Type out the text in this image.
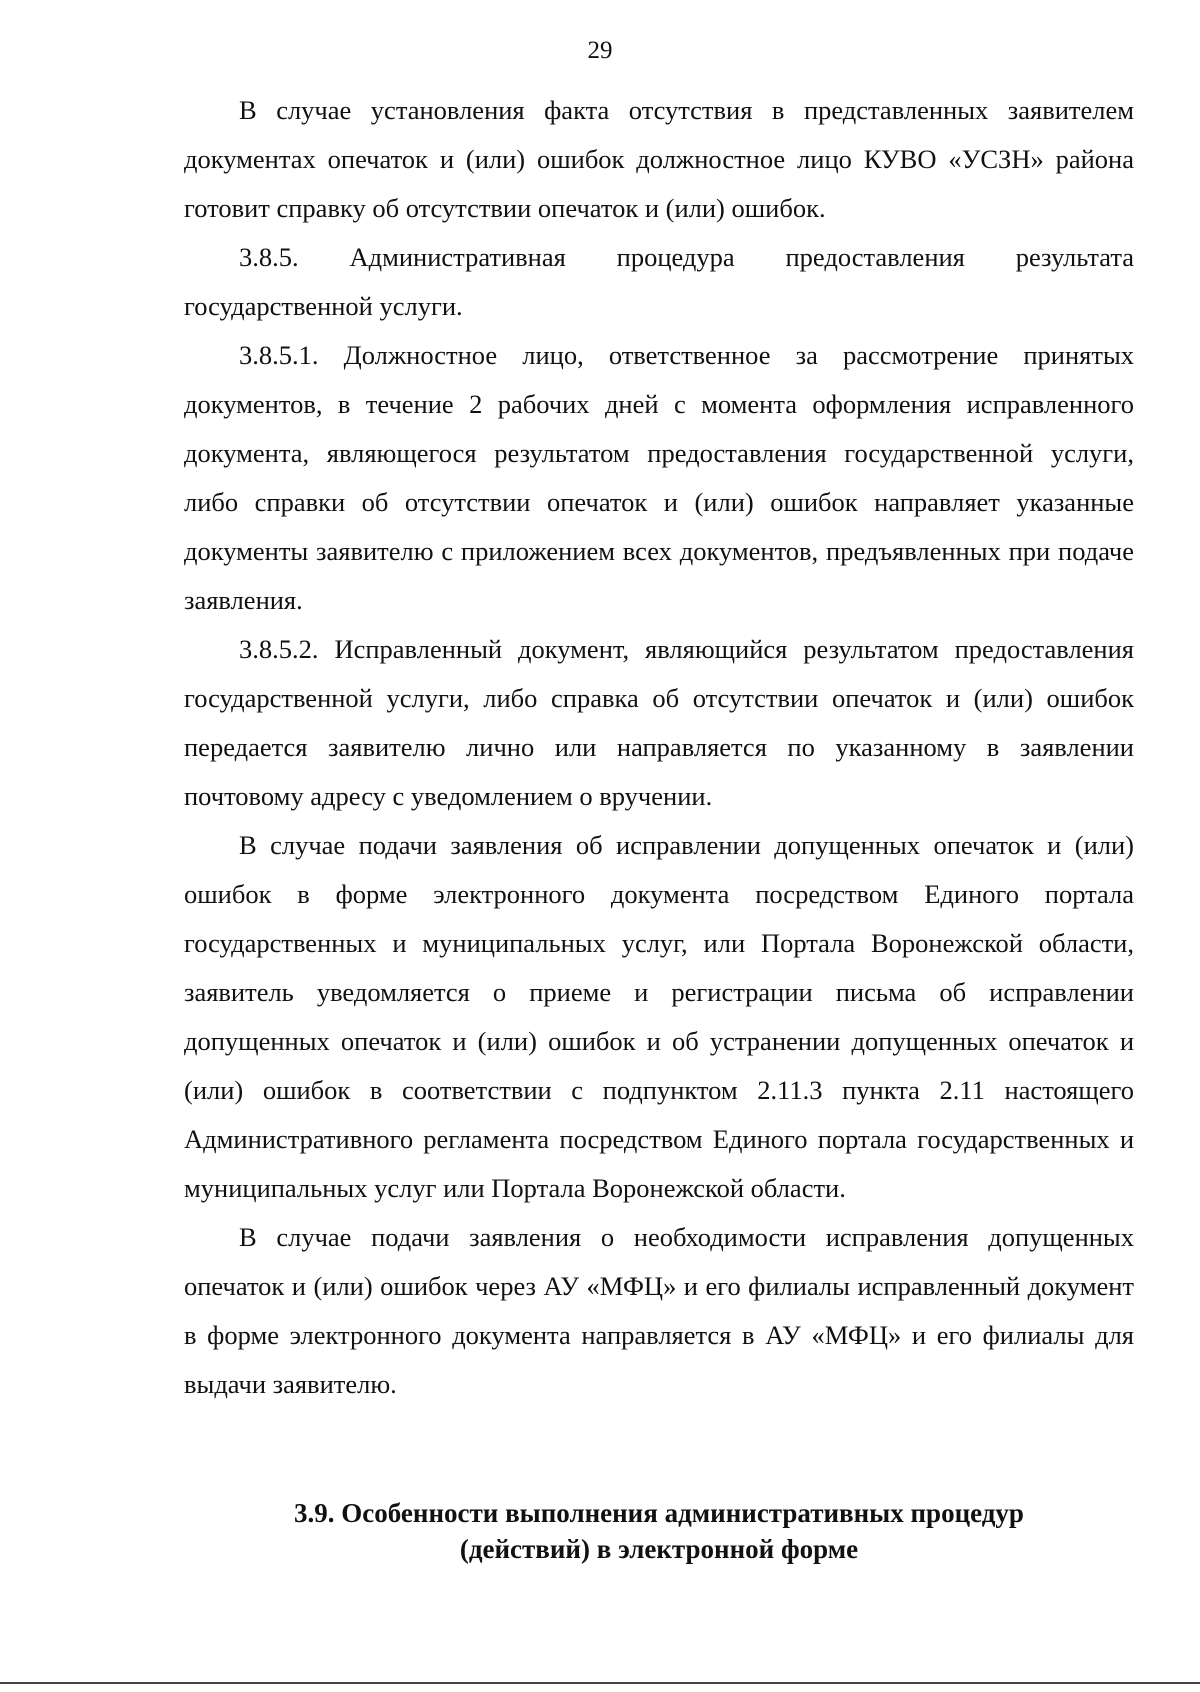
29

В случае установления факта отсутствия в представленных заявителем документах опечаток и (или) ошибок должностное лицо КУВО «УСЗН» района готовит справку об отсутствии опечаток и (или) ошибок.

3.8.5. Административная процедура предоставления результата государственной услуги.

3.8.5.1. Должностное лицо, ответственное за рассмотрение принятых документов, в течение 2 рабочих дней с момента оформления исправленного документа, являющегося результатом предоставления государственной услуги, либо справки об отсутствии опечаток и (или) ошибок направляет указанные документы заявителю с приложением всех документов, предъявленных при подаче заявления.

3.8.5.2. Исправленный документ, являющийся результатом предоставления государственной услуги, либо справка об отсутствии опечаток и (или) ошибок передается заявителю лично или направляется по указанному в заявлении почтовому адресу с уведомлением о вручении.

В случае подачи заявления об исправлении допущенных опечаток и (или) ошибок в форме электронного документа посредством Единого портала государственных и муниципальных услуг, или Портала Воронежской области, заявитель уведомляется о приеме и регистрации письма об исправлении допущенных опечаток и (или) ошибок и об устранении допущенных опечаток и (или) ошибок в соответствии с подпунктом 2.11.3 пункта 2.11 настоящего Административного регламента посредством Единого портала государственных и муниципальных услуг или Портала Воронежской области.

В случае подачи заявления о необходимости исправления допущенных опечаток и (или) ошибок через АУ «МФЦ» и его филиалы исправленный документ в форме электронного документа направляется в АУ «МФЦ» и его филиалы для выдачи заявителю.

3.9. Особенности выполнения административных процедур
(действий) в электронной форме
